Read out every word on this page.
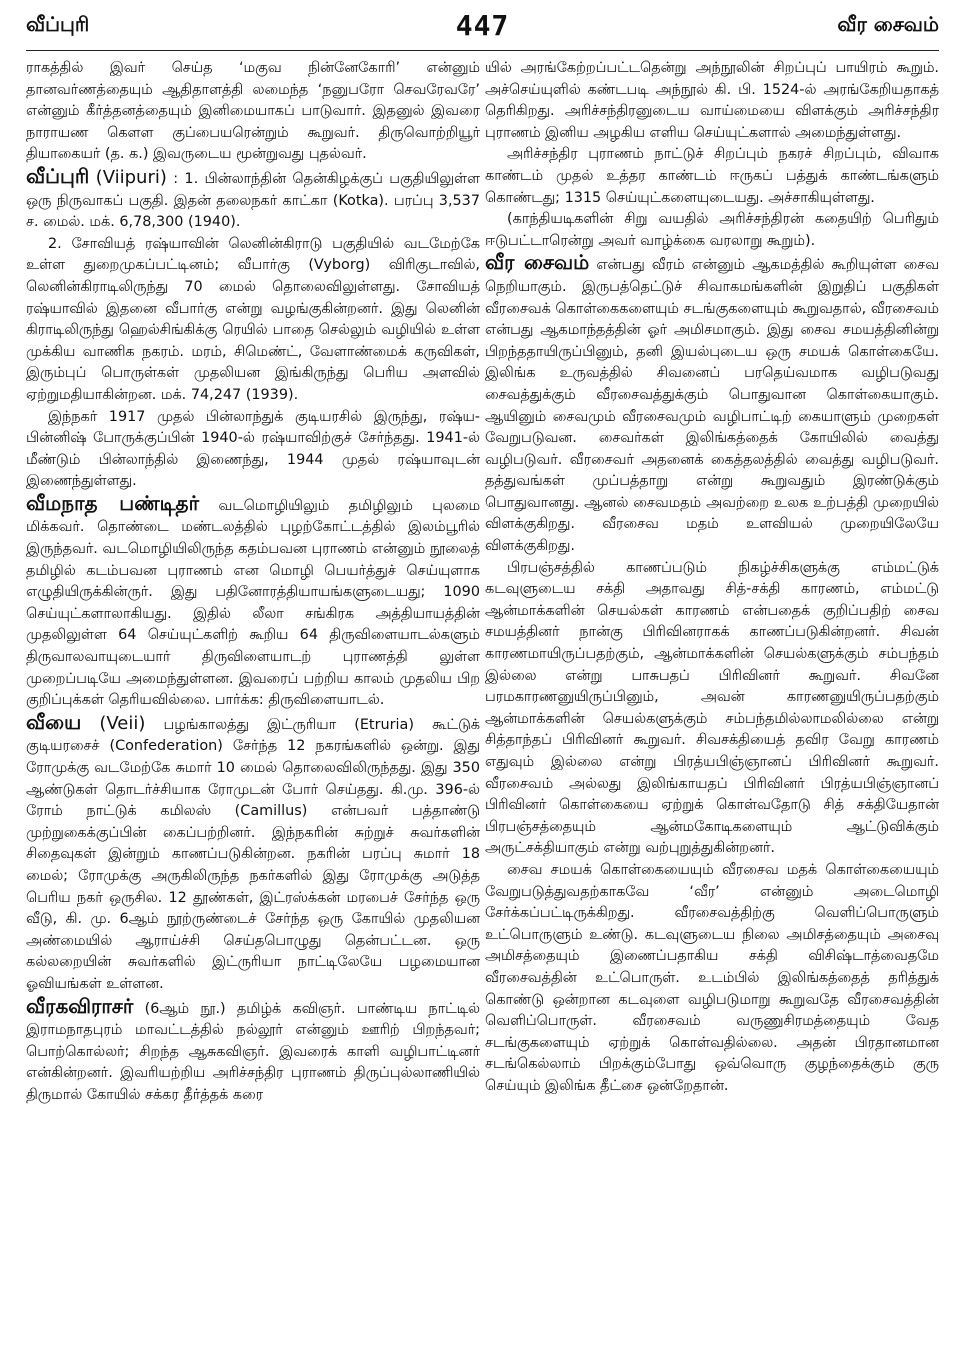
வீப்புரி	447	வீர சைவம்

ராகத்தில் இவர் செய்த ‘மகுவ நின்னேகோரி’ என்னும் தானவர்ணத்தையும் ஆதிதாளத்தி லமைந்த ‘நனுபரோ செவரேவரே’ என்னும் கீர்த்தனத்தையும் இனிமையாகப் பாடுவார். இதனுல் இவரை நாராயண கௌள குப்பையரென்றும் கூறுவர். திருவொற்றியூர் தியாகையர் (த. க.) இவருடைய மூன்றுவது புதல்வர்.

வீப்புரி (Viipuri) : 1. பின்லாந்தின் தென்கிழக்குப் பகுதியிலுள்ள ஒரு நிருவாகப் பகுதி. இதன் தலைநகர் காட்கா (Kotka). பரப்பு 3,537 ச. மைல். மக். 6,78,300 (1940).

2. சோவியத் ரஷ்யாவின் லெனின்கிராடு பகுதியில் வடமேற்கே உள்ள துறைமுகப்பட்டினம்; வீபார்கு (Vyborg) விரிகுடாவில், லெனின்கிராடிலிருந்து 70 மைல் தொலைவிலுள்ளது. சோவியத் ரஷ்யாவில் இதனை வீபார்கு என்று வழங்குகின்றனர். இது லெனின் கிராடிலிருந்து ஹெல்சிங்கிக்கு ரெயில் பாதை செல்லும் வழியில் உள்ள முக்கிய வாணிக நகரம். மரம், சிமெண்ட், வேளாண்மைக் கருவிகள், இரும்புப் பொருள்கள் முதலியன இங்கிருந்து பெரிய அளவில் ஏற்றுமதியாகின்றன. மக். 74,247 (1939).

இந்நகர் 1917 முதல் பின்லாந்துக் குடியரசில் இருந்து, ரஷ்ய-பின்னிஷ் போருக்குப்பின் 1940-ல் ரஷ்யாவிற்குச் சேர்ந்தது. 1941-ல் மீண்டும் பின்லாந்தில் இணைந்து, 1944 முதல் ரஷ்யாவுடன் இணைந்துள்ளது.

வீமநாத பண்டிதர் வடமொழியிலும் தமிழிலும் புலமை மிக்கவர். தொண்டை மண்டலத்தில் புழற்கோட்டத்தில் இலம்பூரில் இருந்தவர். வடமொழியிலிருந்த கதம்பவன புராணம் என்னும் நூலைத் தமிழில் கடம்பவன புராணம் என மொழி பெயர்த்துச் செய்யுளாக எழுதியிருக்கின்ருர். இது பதினோரத்தியாயங்களுடையது; 1090 செய்யுட்களாலாகியது. இதில் லீலா சங்கிரக அத்தியாயத்தின் முதலிலுள்ள 64 செய்யுட்களிற் கூறிய 64 திருவிளையாடல்களும் திருவாலவாயுடையார் திருவிளையாடற் புராணத்தி லுள்ள முறைப்படியே அமைந்துள்ளன. இவரைப் பற்றிய காலம் முதலிய பிற குறிப்புக்கள் தெரியவில்லை. பார்க்க: திருவிளையாடல்.

வீயை (Veii) பழங்காலத்து இட்ருரியா (Etruria) கூட்டுக் குடியரசைச் (Confederation) சேர்ந்த 12 நகரங்களில் ஒன்று. இது ரோமுக்கு வடமேற்கே சுமார் 10 மைல் தொலைவிலிருந்தது. இது 350 ஆண்டுகள் தொடர்ச்சியாக ரோமுடன் போர் செய்தது. கி.மு. 396-ல் ரோம் நாட்டுக் கமிலஸ் (Camillus) என்பவர் பத்தாண்டு முற்றுகைக்குப்பின் கைப்பற்றினர். இந்நகரின் சுற்றுச் சுவர்களின் சிதைவுகள் இன்றும் காணப்படுகின்றன. நகரின் பரப்பு சுமார் 18 மைல்; ரோமுக்கு அருகிலிருந்த நகர்களில் இது ரோமுக்கு அடுத்த பெரிய நகர் ஒருசில. 12 தூண்கள், இட்ரஸ்க்கன் மரபைச் சேர்ந்த ஒரு வீடு, கி. மு. 6ஆம் நூற்ருண்டைச் சேர்ந்த ஒரு கோயில் முதலியன அண்மையில் ஆராய்ச்சி செய்தபொழுது தென்பட்டன. ஒரு கல்லறையின் சுவர்களில் இட்ருரியா நாட்டிலேயே பழமையான ஓவியங்கள் உள்ளன.

வீரகவிராசர் (6ஆம் நூ.) தமிழ்க் கவிஞர். பாண்டிய நாட்டில் இராமநாதபுரம் மாவட்டத்தில் நல்லூர் என்னும் ஊரிற் பிறந்தவர்; பொற்கொல்லர்; சிறந்த ஆசுகவிஞர். இவரைக் காளி வழிபாட்டினர் என்கின்றனர். இவரியற்றிய அரிச்சந்திர புராணம் திருப்புல்லாணியில் திருமால் கோயில் சக்கர தீர்த்தக் கரை

யில் அரங்கேற்றப்பட்டதென்று அந்நூலின் சிறப்புப் பாயிரம் கூறும். அச்செய்யுளில் கண்டபடி அந்நூல் கி. பி. 1524-ல் அரங்கேறியதாகத் தெரிகிறது. அரிச்சந்திரனுடைய வாய்மையை விளக்கும் அரிச்சந்திர புராணம் இனிய அழகிய எளிய செய்யுட்களால் அமைந்துள்ளது.

அரிச்சந்திர புராணம் நாட்டுச் சிறப்பும் நகரச் சிறப்பும், விவாக காண்டம் முதல் உத்தர காண்டம் ஈருகப் பத்துக் காண்டங்களும் கொண்டது; 1315 செய்யுட்களையுடையது. அச்சாகியுள்ளது.

(காந்தியடிகளின் சிறு வயதில் அரிச்சந்திரன் கதையிற் பெரிதும் ஈடுபட்டாரென்று அவர் வாழ்க்கை வரலாறு கூறும்).

வீர சைவம் என்பது வீரம் என்னும் ஆகமத்தில் கூறியுள்ள சைவ நெறியாகும். இருபத்தெட்டுச் சிவாகமங்களின் இறுதிப் பகுதிகள் வீரசைவக் கொள்கைகளையும் சடங்குகளையும் கூறுவதால், வீரசைவம் என்பது ஆகமாந்தத்தின் ஓர் அமிசமாகும். இது சைவ சமயத்தினின்று பிறந்ததாயிருப்பினும், தனி இயல்புடைய ஒரு சமயக் கொள்கையே. இலிங்க உருவத்தில் சிவனைப் பரதெய்வமாக வழிபடுவது சைவத்துக்கும் வீரசைவத்துக்கும் பொதுவான கொள்கையாகும். ஆயினும் சைவமும் வீரசைவமும் வழிபாட்டிற் கையாளும் முறைகள் வேறுபடுவன. சைவர்கள் இலிங்கத்தைக் கோயிலில் வைத்து வழிபடுவர். வீரசைவர் அதனைக் கைத்தலத்தில் வைத்து வழிபடுவர். தத்துவங்கள் முப்பத்தாறு என்று கூறுவதும் இரண்டுக்கும் பொதுவானது. ஆனல் சைவமதம் அவற்றை உலக உற்பத்தி முறையில் விளக்குகிறது. வீரசைவ மதம் உளவியல் முறையிலேயே விளக்குகிறது.

பிரபஞ்சத்தில் காணப்படும் நிகழ்ச்சிகளுக்கு எம்மட்டுக் கடவுளுடைய சக்தி அதாவது சித்-சக்தி காரணம், எம்மட்டு ஆன்மாக்களின் செயல்கள் காரணம் என்பதைக் குறிப்பதிற் சைவ சமயத்தினர் நான்கு பிரிவினராகக் காணப்படுகின்றனர். சிவன் காரணமாயிருப்பதற்கும், ஆன்மாக்களின் செயல்களுக்கும் சம்பந்தம் இல்லை என்று பாசுபதப் பிரிவினர் கூறுவர். சிவனே பரமகாரணனுயிருப்பினும், அவன் காரணனுயிருப்பதற்கும் ஆன்மாக்களின் செயல்களுக்கும் சம்பந்தமில்லாமலில்லை என்று சித்தாந்தப் பிரிவினர் கூறுவர். சிவசக்தியைத் தவிர வேறு காரணம் எதுவும் இல்லை என்று பிரத்யபிஞ்ஞானப் பிரிவினர் கூறுவர். வீரசைவம் அல்லது இலிங்காயதப் பிரிவினர் பிரத்யபிஞ்ஞானப் பிரிவினர் கொள்கையை ஏற்றுக் கொள்வதோடு சித் சக்தியேதான் பிரபஞ்சத்தையும் ஆன்மகோடிகளையும் ஆட்டுவிக்கும் அருட்சக்தியாகும் என்று வற்புறுத்துகின்றனர்.

சைவ சமயக் கொள்கையையும் வீரசைவ மதக் கொள்கையையும் வேறுபடுத்துவதற்காகவே ‘வீர’ என்னும் அடைமொழி சேர்க்கப்பட்டிருக்கிறது. வீரசைவத்திற்கு வெளிப்பொருளும் உட்பொருளும் உண்டு. கடவுளுடைய நிலை அமிசத்தையும் அசைவு அமிசத்தையும் இணைப்பதாகிய சக்தி விசிஷ்டாத்வைதமே வீரசைவத்தின் உட்பொருள். உடம்பில் இலிங்கத்தைத் தரித்துக் கொண்டு ஒன்றான கடவுளை வழிபடுமாறு கூறுவதே வீரசைவத்தின் வெளிப்பொருள். வீரசைவம் வருணுசிரமத்தையும் வேத சடங்குகளையும் ஏற்றுக் கொள்வதில்லை. அதன் பிரதானமான சடங்கெல்லாம் பிறக்கும்போது ஒவ்வொரு குழந்தைக்கும் குரு செய்யும் இலிங்க தீட்சை ஒன்றேதான்.
